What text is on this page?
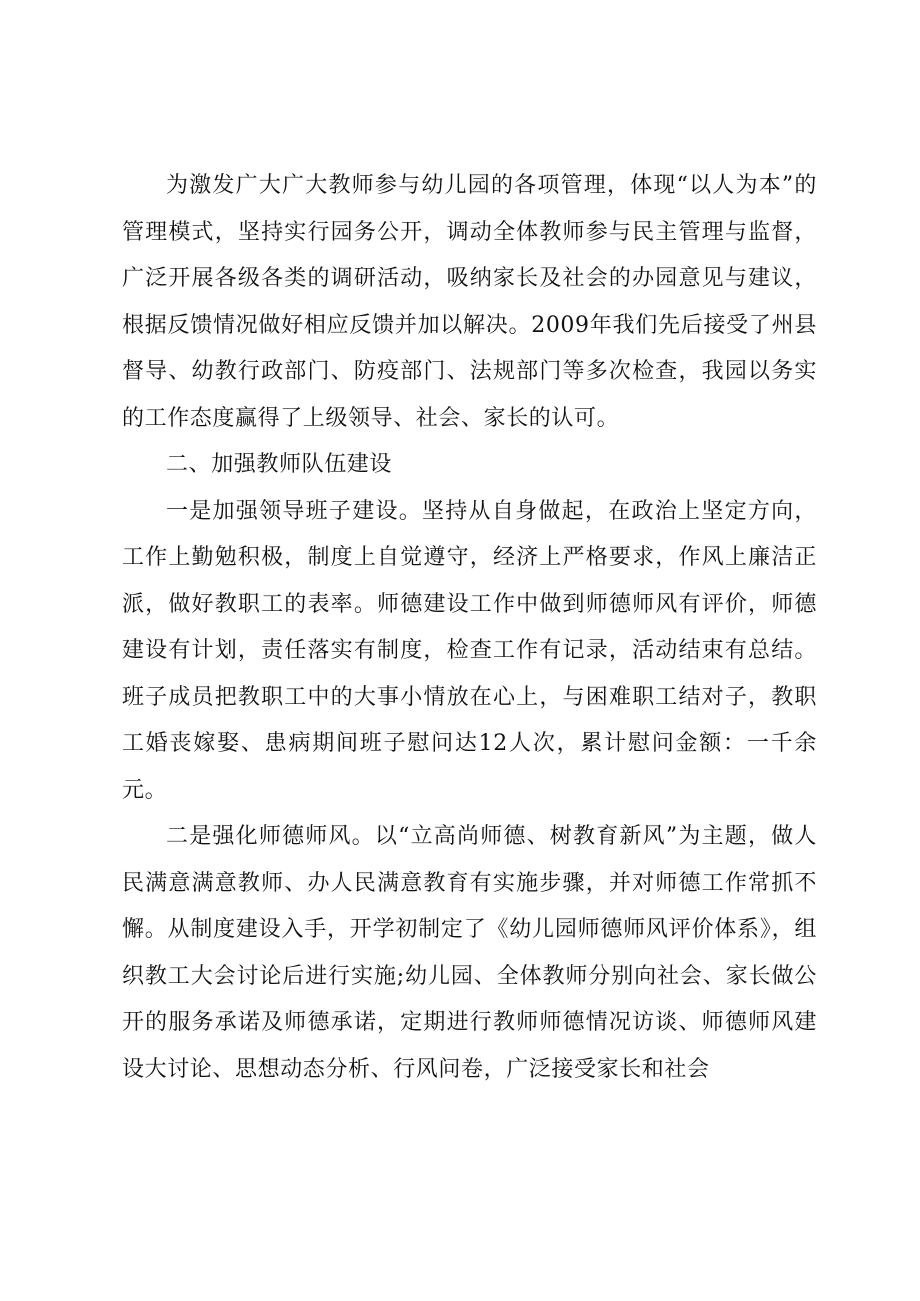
为激发广大广大教师参与幼儿园的各项管理，体现“以人为本”的管理模式，坚持实行园务公开，调动全体教师参与民主管理与监督，广泛开展各级各类的调研活动，吸纳家长及社会的办园意见与建议，根据反馈情况做好相应反馈并加以解决。2009年我们先后接受了州县督导、幼教行政部门、防疫部门、法规部门等多次检查，我园以务实的工作态度赢得了上级领导、社会、家长的认可。

二、加强教师队伍建设

一是加强领导班子建设。坚持从自身做起，在政治上坚定方向，工作上勤勉积极，制度上自觉遵守，经济上严格要求，作风上廉洁正派，做好教职工的表率。师德建设工作中做到师德师风有评价，师德建设有计划，责任落实有制度，检查工作有记录，活动结束有总结。班子成员把教职工中的大事小情放在心上，与困难职工结对子，教职工婚丧嫁娶、患病期间班子慰问达12人次，累计慰问金额：一千余元。

二是强化师德师风。以“立高尚师德、树教育新风”为主题，做人民满意满意教师、办人民满意教育有实施步骤，并对师德工作常抓不懈。从制度建设入手，开学初制定了《幼儿园师德师风评价体系》，组织教工大会讨论后进行实施;幼儿园、全体教师分别向社会、家长做公开的服务承诺及师德承诺，定期进行教师师德情况访谈、师德师风建设大讨论、思想动态分析、行风问卷，广泛接受家长和社会
